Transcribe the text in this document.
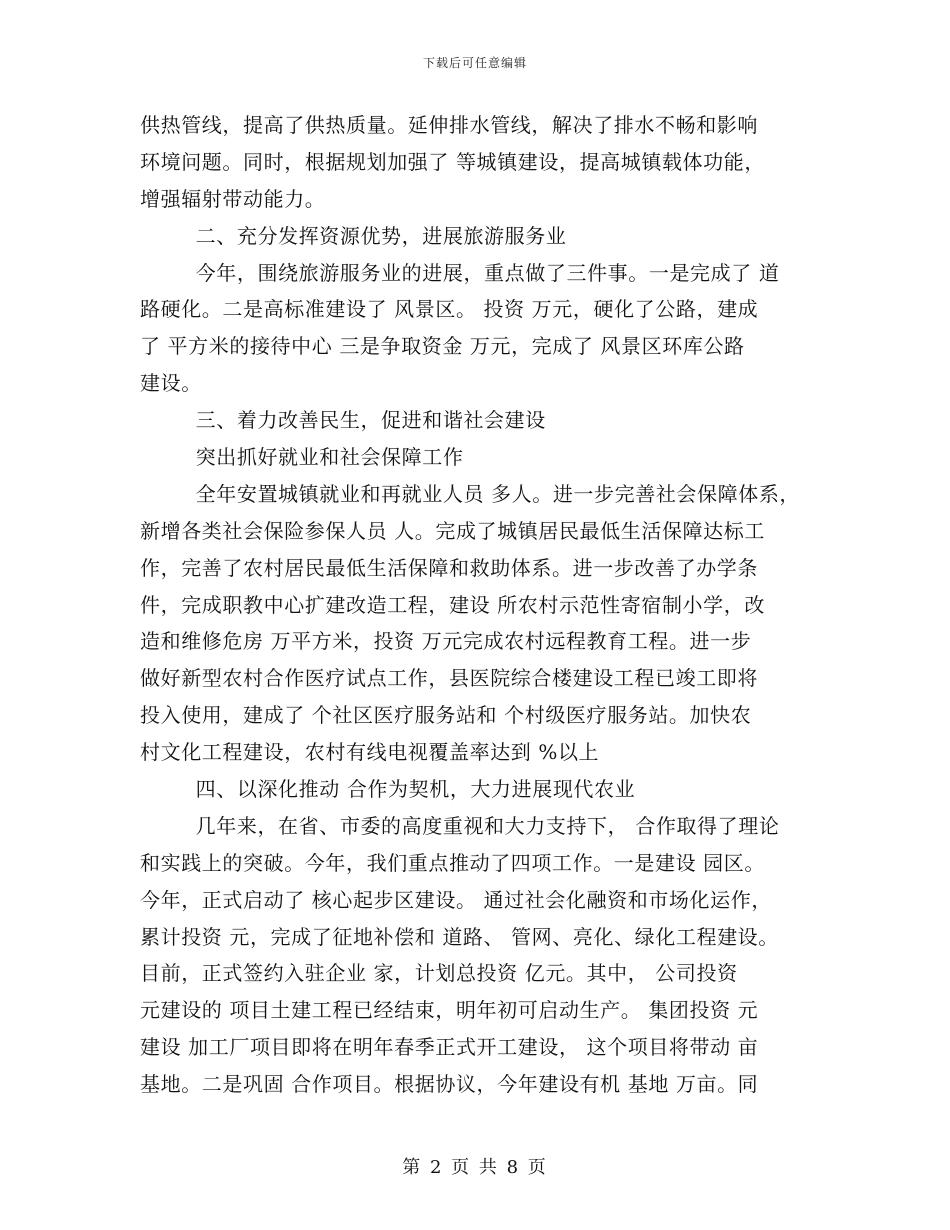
下载后可任意编辑
供热管线，提高了供热质量。延伸排水管线，解决了排水不畅和影响
环境问题。同时，根据规划加强了 等城镇建设，提高城镇载体功能，
增强辐射带动能力。
二、充分发挥资源优势，进展旅游服务业
今年，围绕旅游服务业的进展，重点做了三件事。一是完成了 道
路硬化。二是高标准建设了 风景区。 投资 万元，硬化了公路，建成
了 平方米的接待中心 三是争取资金 万元，完成了 风景区环库公路
建设。
三、着力改善民生，促进和谐社会建设
突出抓好就业和社会保障工作
全年安置城镇就业和再就业人员 多人。进一步完善社会保障体系，
新增各类社会保险参保人员 人。完成了城镇居民最低生活保障达标工
作，完善了农村居民最低生活保障和救助体系。进一步改善了办学条
件，完成职教中心扩建改造工程，建设 所农村示范性寄宿制小学，改
造和维修危房 万平方米，投资 万元完成农村远程教育工程。进一步
做好新型农村合作医疗试点工作，县医院综合楼建设工程已竣工即将
投入使用，建成了 个社区医疗服务站和 个村级医疗服务站。加快农
村文化工程建设，农村有线电视覆盖率达到 %以上
四、以深化推动 合作为契机，大力进展现代农业
几年来，在省、市委的高度重视和大力支持下， 合作取得了理论
和实践上的突破。今年，我们重点推动了四项工作。一是建设 园区。
今年，正式启动了 核心起步区建设。 通过社会化融资和市场化运作，
累计投资 元，完成了征地补偿和 道路、 管网、亮化、绿化工程建设。
目前，正式签约入驻企业 家，计划总投资 亿元。其中， 公司投资
元建设的 项目土建工程已经结束，明年初可启动生产。 集团投资 元
建设 加工厂项目即将在明年春季正式开工建设， 这个项目将带动 亩
基地。二是巩固 合作项目。根据协议，今年建设有机 基地 万亩。同
第 2 页 共 8 页
